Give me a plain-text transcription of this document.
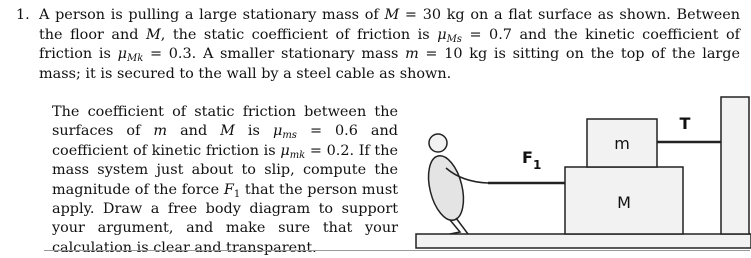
1. A person is pulling a large stationary mass of M = 30 kg on a flat surface as shown. Between the floor and M, the static coefficient of friction is $\mu_{Ms} = 0.7$ and the kinetic coefficient of friction is $\mu_{Mk} = 0.3$. A smaller stationary mass m = 10 kg is sitting on the top of the large mass; it is secured to the wall by a steel cable as shown.
The coefficient of static friction between the surfaces of m and M is $\mu_{ms} = 0.6$ and coefficient of kinetic friction is $\mu_{mk} = 0.2$. If the mass system just about to slip, compute the magnitude of the force $F_1$ that the person must apply. Draw a free body diagram to support your argument, and make sure that your calculation is clear and transparent.
M
m
T
$F_1$
